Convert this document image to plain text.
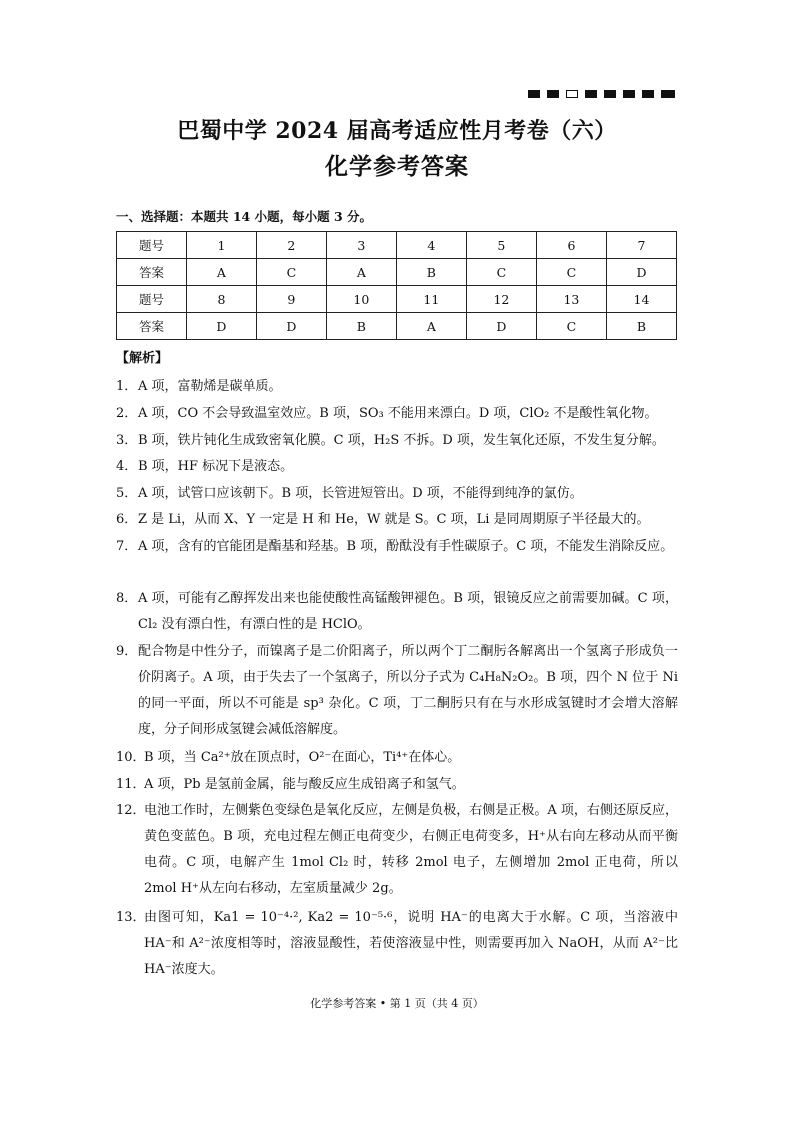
巴蜀中学 2024 届高考适应性月考卷（六）
化学参考答案
一、选择题：本题共 14 小题，每小题 3 分。
题号	1	2	3	4	5	6	7
答案	A	C	A	B	C	C	D
题号	8	9	10	11	12	13	14
答案	D	D	B	A	D	C	B
【解析】
1． A 项，富勒烯是碳单质。
2． A 项，CO 不会导致温室效应。B 项，SO₃ 不能用来漂白。D 项，ClO₂ 不是酸性氧化物。
3． B 项，铁片钝化生成致密氧化膜。C 项，H₂S 不拆。D 项，发生氧化还原，不发生复分解。
4． B 项，HF 标况下是液态。
5． A 项，试管口应该朝下。B 项，长管进短管出。D 项，不能得到纯净的氯仿。
6． Z 是 Li，从而 X、Y 一定是 H 和 He，W 就是 S。C 项，Li 是同周期原子半径最大的。
7． A 项，含有的官能团是酯基和羟基。B 项，酚酞没有手性碳原子。C 项，不能发生消除反应。
8． A 项，可能有乙醇挥发出来也能使酸性高锰酸钾褪色。B 项，银镜反应之前需要加碱。C 项，Cl₂ 没有漂白性，有漂白性的是 HClO。
9． 配合物是中性分子，而镍离子是二价阳离子，所以两个丁二酮肟各解离出一个氢离子形成负一价阴离子。A 项，由于失去了一个氢离子，所以分子式为 C₄H₈N₂O₂。B 项，四个 N 位于 Ni 的同一平面，所以不可能是 sp³ 杂化。C 项，丁二酮肟只有在与水形成氢键时才会增大溶解度，分子间形成氢键会减低溶解度。
10．
B 项，当 Ca²⁺放在顶点时，O²⁻在面心，Ti⁴⁺在体心。
11．
A 项，Pb 是氢前金属，能与酸反应生成铅离子和氢气。
12．
电池工作时，左侧紫色变绿色是氧化反应，左侧是负极，右侧是正极。A 项，右侧还原反应，黄色变蓝色。B 项，充电过程左侧正电荷变少，右侧正电荷变多，H⁺从右向左移动从而平衡电荷。C 项，电解产生 1mol Cl₂ 时，转移 2mol 电子，左侧增加 2mol 正电荷，所以 2mol H⁺从左向右移动，左室质量减少 2g。
13．
由图可知，Ka1 = 10⁻⁴·², Ka2 = 10⁻⁵·⁶，说明 HA⁻的电离大于水解。C 项，当溶液中 HA⁻和 A²⁻浓度相等时，溶液显酸性，若使溶液显中性，则需要再加入 NaOH，从而 A²⁻比 HA⁻浓度大。
化学参考答案 • 第 1 页（共 4 页）
